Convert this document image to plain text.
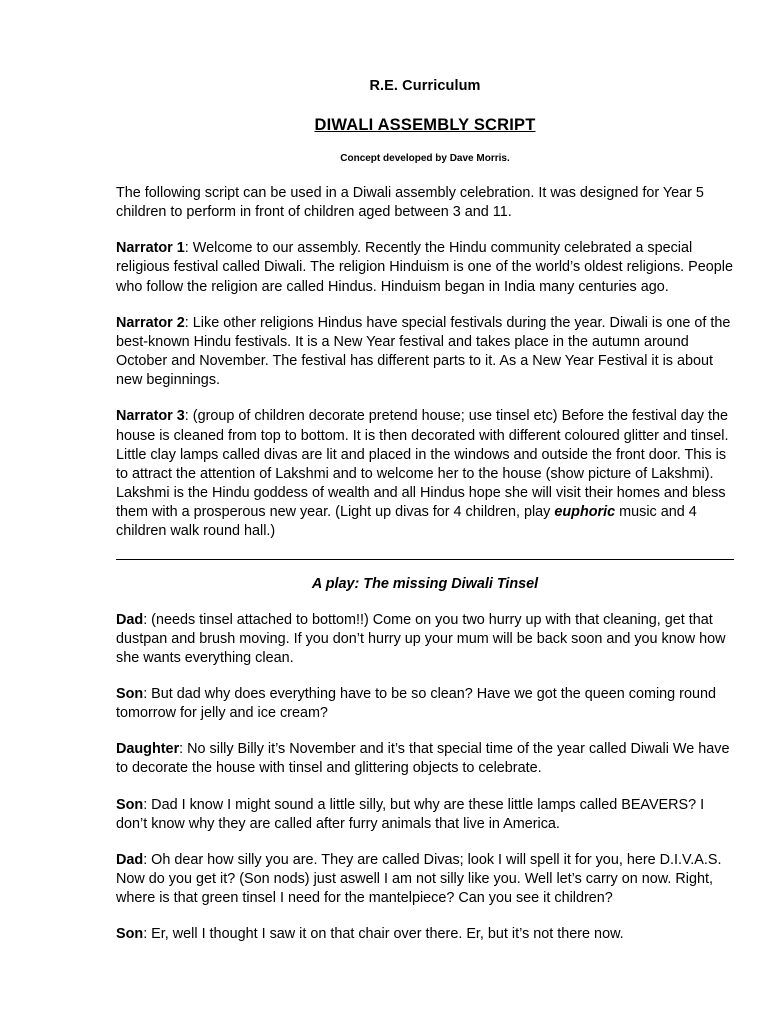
R.E. Curriculum
DIWALI ASSEMBLY SCRIPT
Concept developed by Dave Morris.

The following script can be used in a Diwali assembly celebration. It was designed for Year 5 children to perform in front of children aged between 3 and 11.

Narrator 1: Welcome to our assembly. Recently the Hindu community celebrated a special religious festival called Diwali. The religion Hinduism is one of the world’s oldest religions. People who follow the religion are called Hindus. Hinduism began in India many centuries ago.

Narrator 2: Like other religions Hindus have special festivals during the year. Diwali is one of the best-known Hindu festivals. It is a New Year festival and takes place in the autumn around October and November. The festival has different parts to it. As a New Year Festival it is about new beginnings.

Narrator 3: (group of children decorate pretend house; use tinsel etc) Before the festival day the house is cleaned from top to bottom. It is then decorated with different coloured glitter and tinsel. Little clay lamps called divas are lit and placed in the windows and outside the front door. This is to attract the attention of Lakshmi and to welcome her to the house (show picture of Lakshmi). Lakshmi is the Hindu goddess of wealth and all Hindus hope she will visit their homes and bless them with a prosperous new year. (Light up divas for 4 children, play euphoric music and 4 children walk round hall.)

A play: The missing Diwali Tinsel

Dad: (needs tinsel attached to bottom!!) Come on you two hurry up with that cleaning, get that dustpan and brush moving. If you don’t hurry up your mum will be back soon and you know how she wants everything clean.

Son: But dad why does everything have to be so clean? Have we got the queen coming round tomorrow for jelly and ice cream?

Daughter: No silly Billy it’s November and it’s that special time of the year called Diwali We have to decorate the house with tinsel and glittering objects to celebrate.

Son: Dad I know I might sound a little silly, but why are these little lamps called BEAVERS? I don’t know why they are called after furry animals that live in America.

Dad: Oh dear how silly you are. They are called Divas; look I will spell it for you, here D.I.V.A.S. Now do you get it? (Son nods) just aswell I am not silly like you. Well let’s carry on now. Right, where is that green tinsel I need for the mantelpiece? Can you see it children?

Son: Er, well I thought I saw it on that chair over there. Er, but it’s not there now.
